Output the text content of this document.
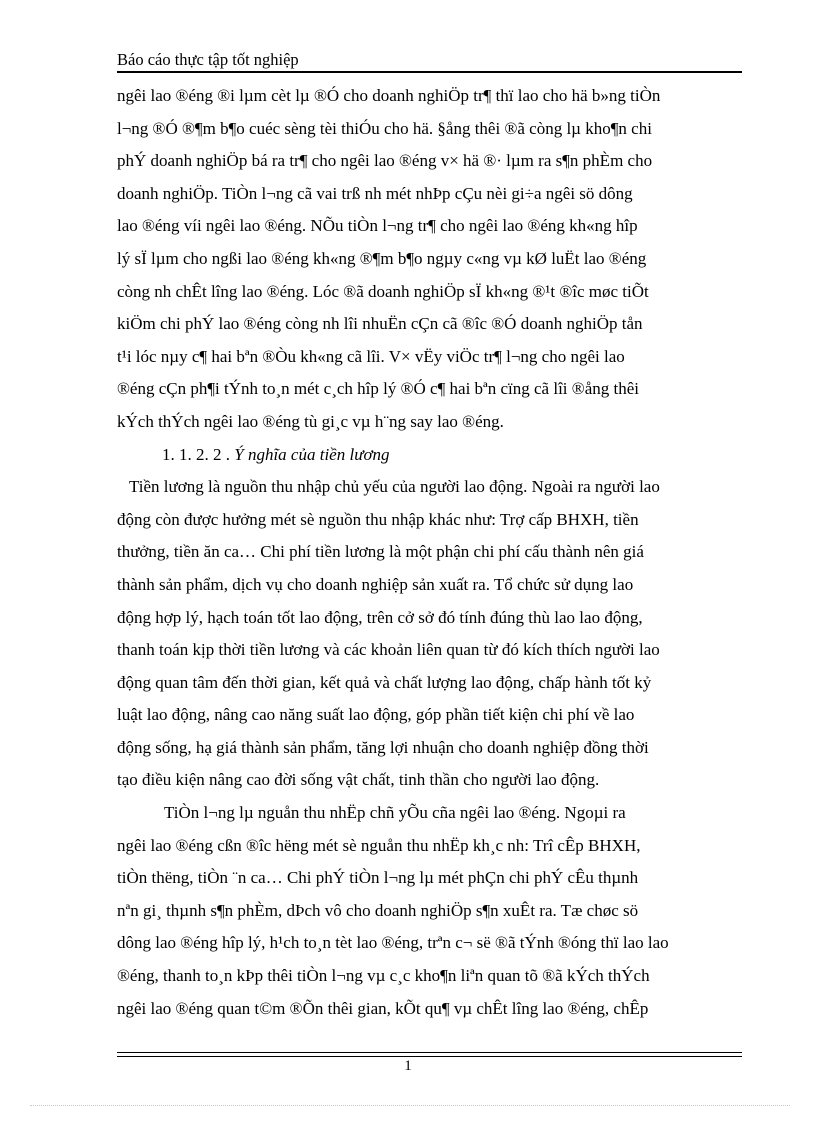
Báo cáo thực tập tốt nghiệp
ngêi lao ®éng ®i lµm cèt lµ ®Ó cho doanh nghiÖp tr¶ thï lao cho hä b»ng tiÒn
l¬ng ®Ó ®¶m b¶o cuéc sèng tèi thiÓu cho hä. §ång thêi ®ã còng lµ kho¶n chi
phÝ doanh nghiÖp bá ra tr¶ cho ngêi lao ®éng v× hä ®· lµm ra s¶n phÈm cho
doanh nghiÖp. TiÒn l¬ng cã vai trß nh mét nhÞp cÇu nèi gi÷a ngêi sö dông
lao ®éng víi ngêi lao ®éng. NÕu tiÒn l¬ng tr¶ cho ngêi lao ®éng kh«ng hîp
lý sÏ lµm cho ngßi lao ®éng kh«ng ®¶m b¶o ngµy c«ng vµ kØ luËt lao ®éng
còng nh chÊt lîng lao ®éng. Lóc ®ã doanh nghiÖp sÏ kh«ng ®¹t ®îc møc tiÕt
kiÖm chi phÝ lao ®éng còng nh lîi nhuËn cÇn cã ®îc ®Ó doanh nghiÖp tån
t¹i lóc nµy c¶ hai bªn ®Òu kh«ng cã lîi. V× vËy viÖc tr¶ l¬ng cho ngêi lao
®éng cÇn ph¶i tÝnh to¸n mét c¸ch hîp lý ®Ó c¶ hai bªn cïng cã lîi ®ång thêi
kÝch thÝch ngêi lao ®éng tù gi¸c vµ h¨ng say lao ®éng.
1. 1. 2. 2 .
Ý nghĩa của tiền lương
Tiền lương là nguồn thu nhập chủ yếu của người lao động. Ngoài ra người lao
động còn được hưởng mét sè nguồn thu nhập khác như: Trợ cấp BHXH, tiền
thưởng, tiền ăn ca… Chi phí tiền lương là một phận chi phí cấu thành nên giá
thành sản phẩm, dịch vụ cho doanh nghiệp sản xuất ra. Tổ chức sử dụng lao
động hợp lý, hạch toán tốt lao động, trên cở sở đó tính đúng thù lao lao động,
thanh toán kịp thời tiền lương và các khoản liên quan từ đó kích thích người lao
động quan tâm đến thời gian, kết quả và chất lượng lao động, chấp hành tốt kỷ
luật lao động, nâng cao năng suất lao động, góp phần tiết kiện chi phí về lao
động sống, hạ giá thành sản phẩm, tăng lợi nhuận cho doanh nghiệp đồng thời
tạo điều kiện nâng cao đời sống vật chất, tinh thần cho người lao động.
TiÒn l¬ng lµ nguån thu nhËp chñ yÕu cña ngêi lao ®éng. Ngoµi ra
ngêi lao ®éng cßn ®îc hëng mét sè nguån thu nhËp kh¸c nh: Trî cÊp BHXH,
tiÒn thëng, tiÒn ¨n ca… Chi phÝ tiÒn l¬ng lµ mét phÇn chi phÝ cÊu thµnh
nªn gi¸ thµnh s¶n phÈm, dÞch vô cho doanh nghiÖp s¶n xuÊt ra. Tæ chøc sö
dông lao ®éng hîp lý, h¹ch to¸n tèt lao ®éng, trªn c¬ së ®ã tÝnh ®óng thï lao lao
®éng, thanh to¸n kÞp thêi tiÒn l¬ng vµ c¸c kho¶n liªn quan tõ ®ã kÝch thÝch
ngêi lao ®éng quan t©m ®Õn thêi gian, kÕt qu¶ vµ chÊt lîng lao ®éng, chÊp
1
